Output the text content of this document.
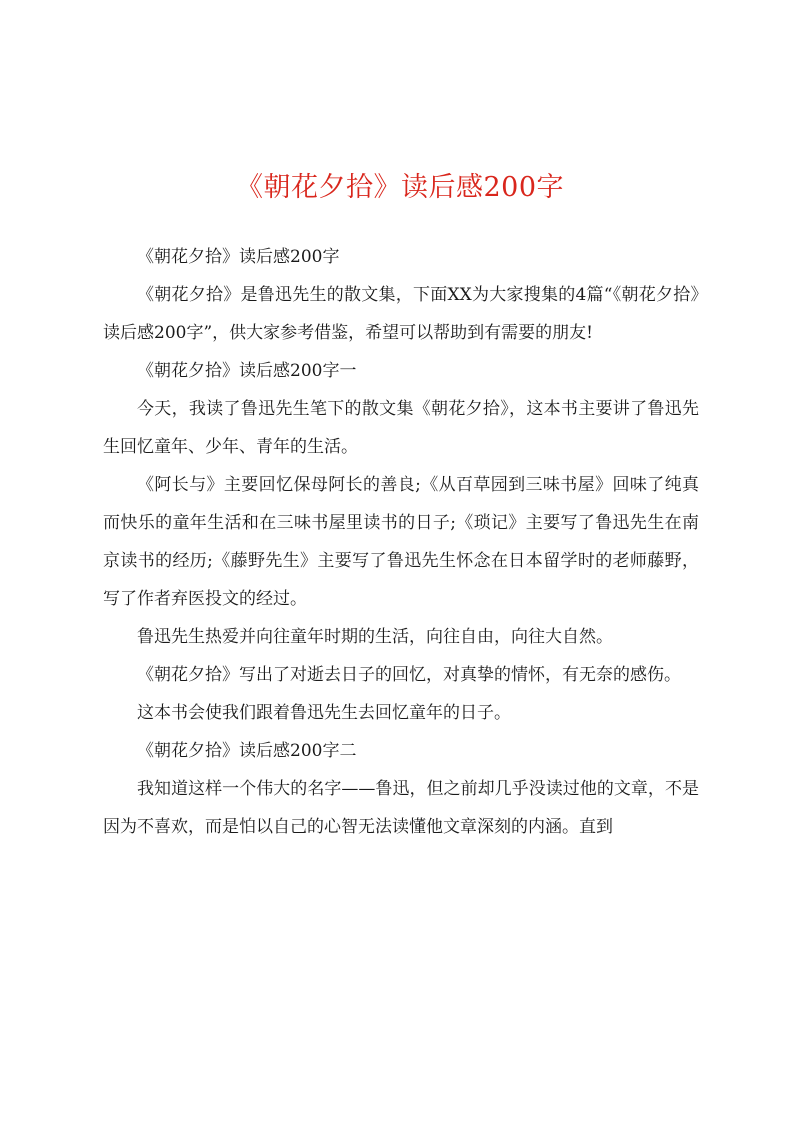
《朝花夕拾》读后感200字

《朝花夕拾》读后感200字

《朝花夕拾》是鲁迅先生的散文集，下面XX为大家搜集的4篇“《朝花夕拾》读后感200字”，供大家参考借鉴，希望可以帮助到有需要的朋友!

《朝花夕拾》读后感200字一

今天，我读了鲁迅先生笔下的散文集《朝花夕拾》，这本书主要讲了鲁迅先生回忆童年、少年、青年的生活。

《阿长与》主要回忆保母阿长的善良;《从百草园到三味书屋》回味了纯真而快乐的童年生活和在三味书屋里读书的日子;《琐记》主要写了鲁迅先生在南京读书的经历;《藤野先生》主要写了鲁迅先生怀念在日本留学时的老师藤野，写了作者弃医投文的经过。

鲁迅先生热爱并向往童年时期的生活，向往自由，向往大自然。

《朝花夕拾》写出了对逝去日子的回忆，对真挚的情怀，有无奈的感伤。

这本书会使我们跟着鲁迅先生去回忆童年的日子。

《朝花夕拾》读后感200字二

我知道这样一个伟大的名字——鲁迅，但之前却几乎没读过他的文章，不是因为不喜欢，而是怕以自己的心智无法读懂他文章深刻的内涵。直到
